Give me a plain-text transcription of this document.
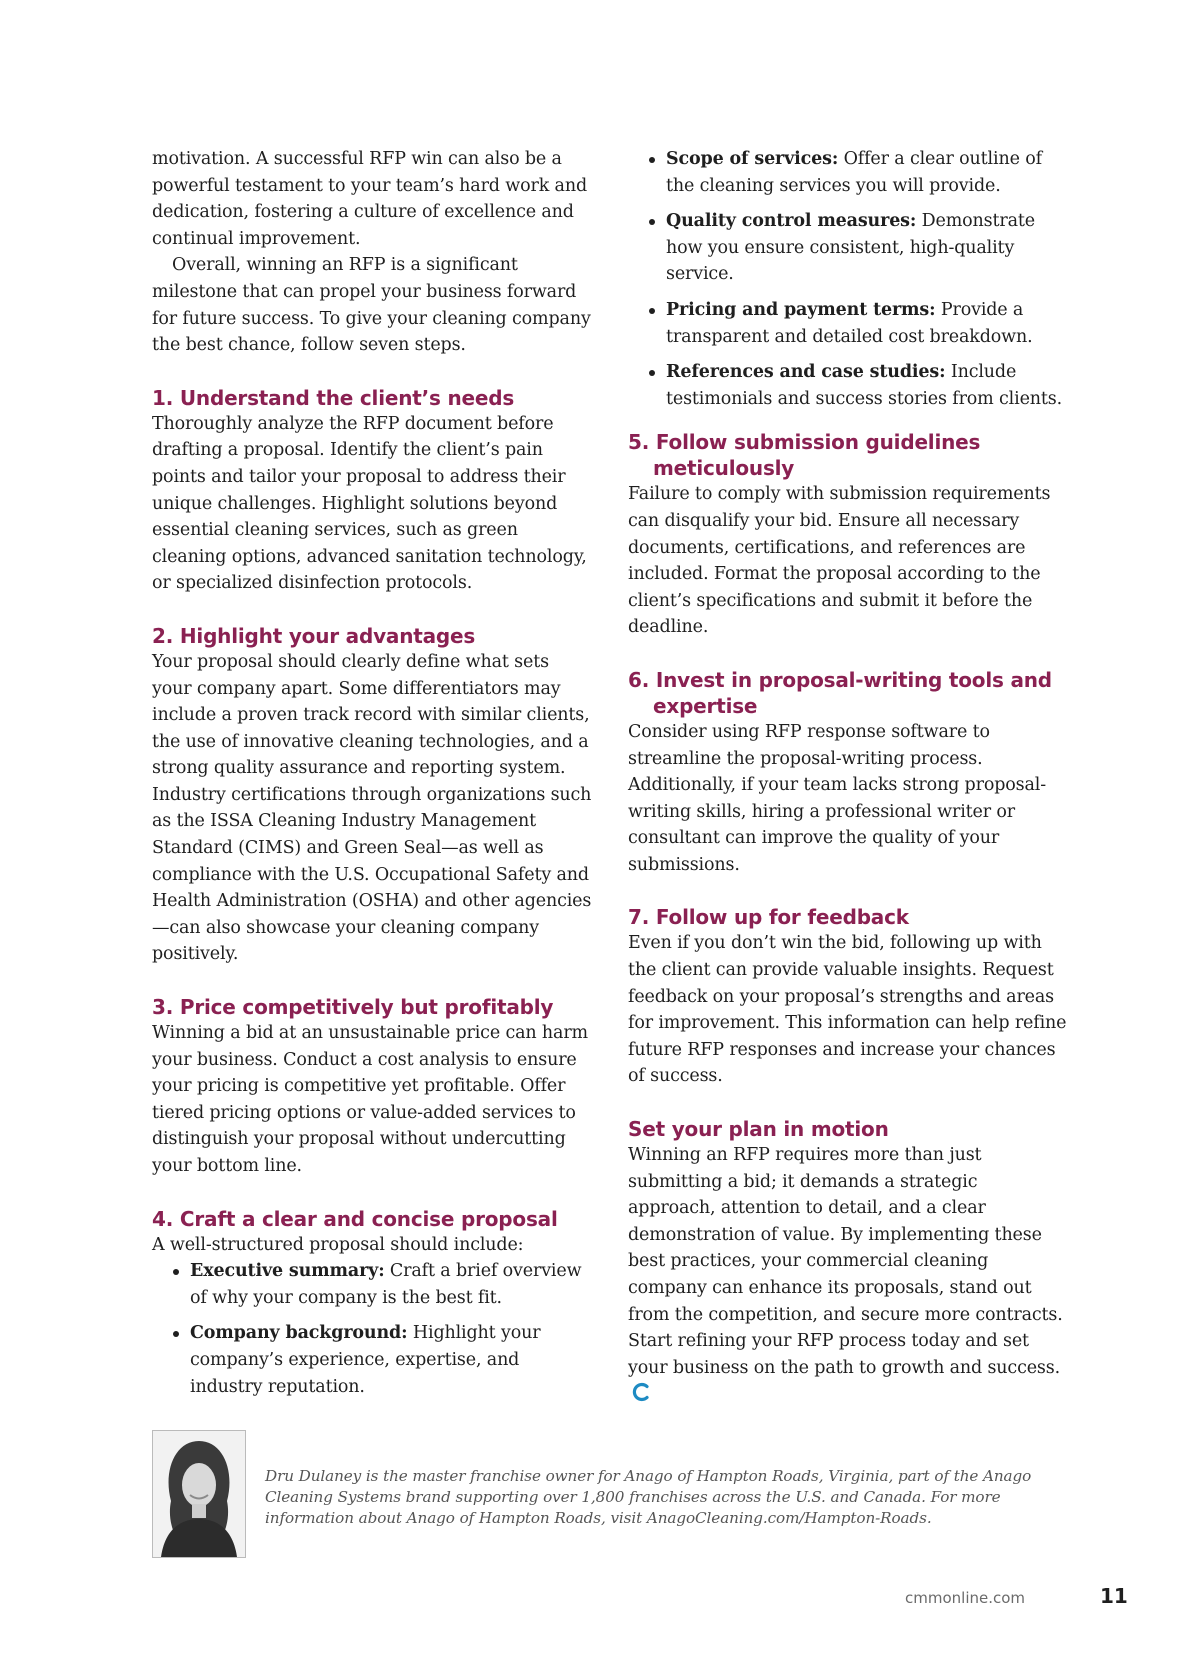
motivation. A successful RFP win can also be a powerful testament to your team’s hard work and dedication, fostering a culture of excellence and continual improvement.

Overall, winning an RFP is a significant milestone that can propel your business forward for future success. To give your cleaning company the best chance, follow seven steps.

1. Understand the client’s needs

Thoroughly analyze the RFP document before drafting a proposal. Identify the client’s pain points and tailor your proposal to address their unique challenges. Highlight solutions beyond essential cleaning services, such as green cleaning options, advanced sanitation technology, or specialized disinfection protocols.

2. Highlight your advantages

Your proposal should clearly define what sets your company apart. Some differentiators may include a proven track record with similar clients, the use of innovative cleaning technologies, and a strong quality assurance and reporting system. Industry certifications through organizations such as the ISSA Cleaning Industry Management Standard (CIMS) and Green Seal—as well as compliance with the U.S. Occupational Safety and Health Administration (OSHA) and other agencies—can also showcase your cleaning company positively.

3. Price competitively but profitably

Winning a bid at an unsustainable price can harm your business. Conduct a cost analysis to ensure your pricing is competitive yet profitable. Offer tiered pricing options or value-added services to distinguish your proposal without undercutting your bottom line.

4. Craft a clear and concise proposal

A well-structured proposal should include:

Executive summary: Craft a brief overview of why your company is the best fit.
Company background: Highlight your company’s experience, expertise, and industry reputation.
Scope of services: Offer a clear outline of the cleaning services you will provide.
Quality control measures: Demonstrate how you ensure consistent, high-quality service.
Pricing and payment terms: Provide a transparent and detailed cost breakdown.
References and case studies: Include testimonials and success stories from clients.
5. Follow submission guidelines meticulously

Failure to comply with submission requirements can disqualify your bid. Ensure all necessary documents, certifications, and references are included. Format the proposal according to the client’s specifications and submit it before the deadline.

6. Invest in proposal-writing tools and expertise

Consider using RFP response software to streamline the proposal-writing process. Additionally, if your team lacks strong proposal-writing skills, hiring a professional writer or consultant can improve the quality of your submissions.

7. Follow up for feedback

Even if you don’t win the bid, following up with the client can provide valuable insights. Request feedback on your proposal’s strengths and areas for improvement. This information can help refine future RFP responses and increase your chances of success.

Set your plan in motion

Winning an RFP requires more than just submitting a bid; it demands a strategic approach, attention to detail, and a clear demonstration of value. By implementing these best practices, your commercial cleaning company can enhance its proposals, stand out from the competition, and secure more contracts. Start refining your RFP process today and set your business on the path to growth and success.

Dru Dulaney is the master franchise owner for Anago of Hampton Roads, Virginia, part of the Anago Cleaning Systems brand supporting over 1,800 franchises across the U.S. and Canada. For more information about Anago of Hampton Roads, visit AnagoCleaning.com/Hampton-Roads.
cmmonline.com	11
